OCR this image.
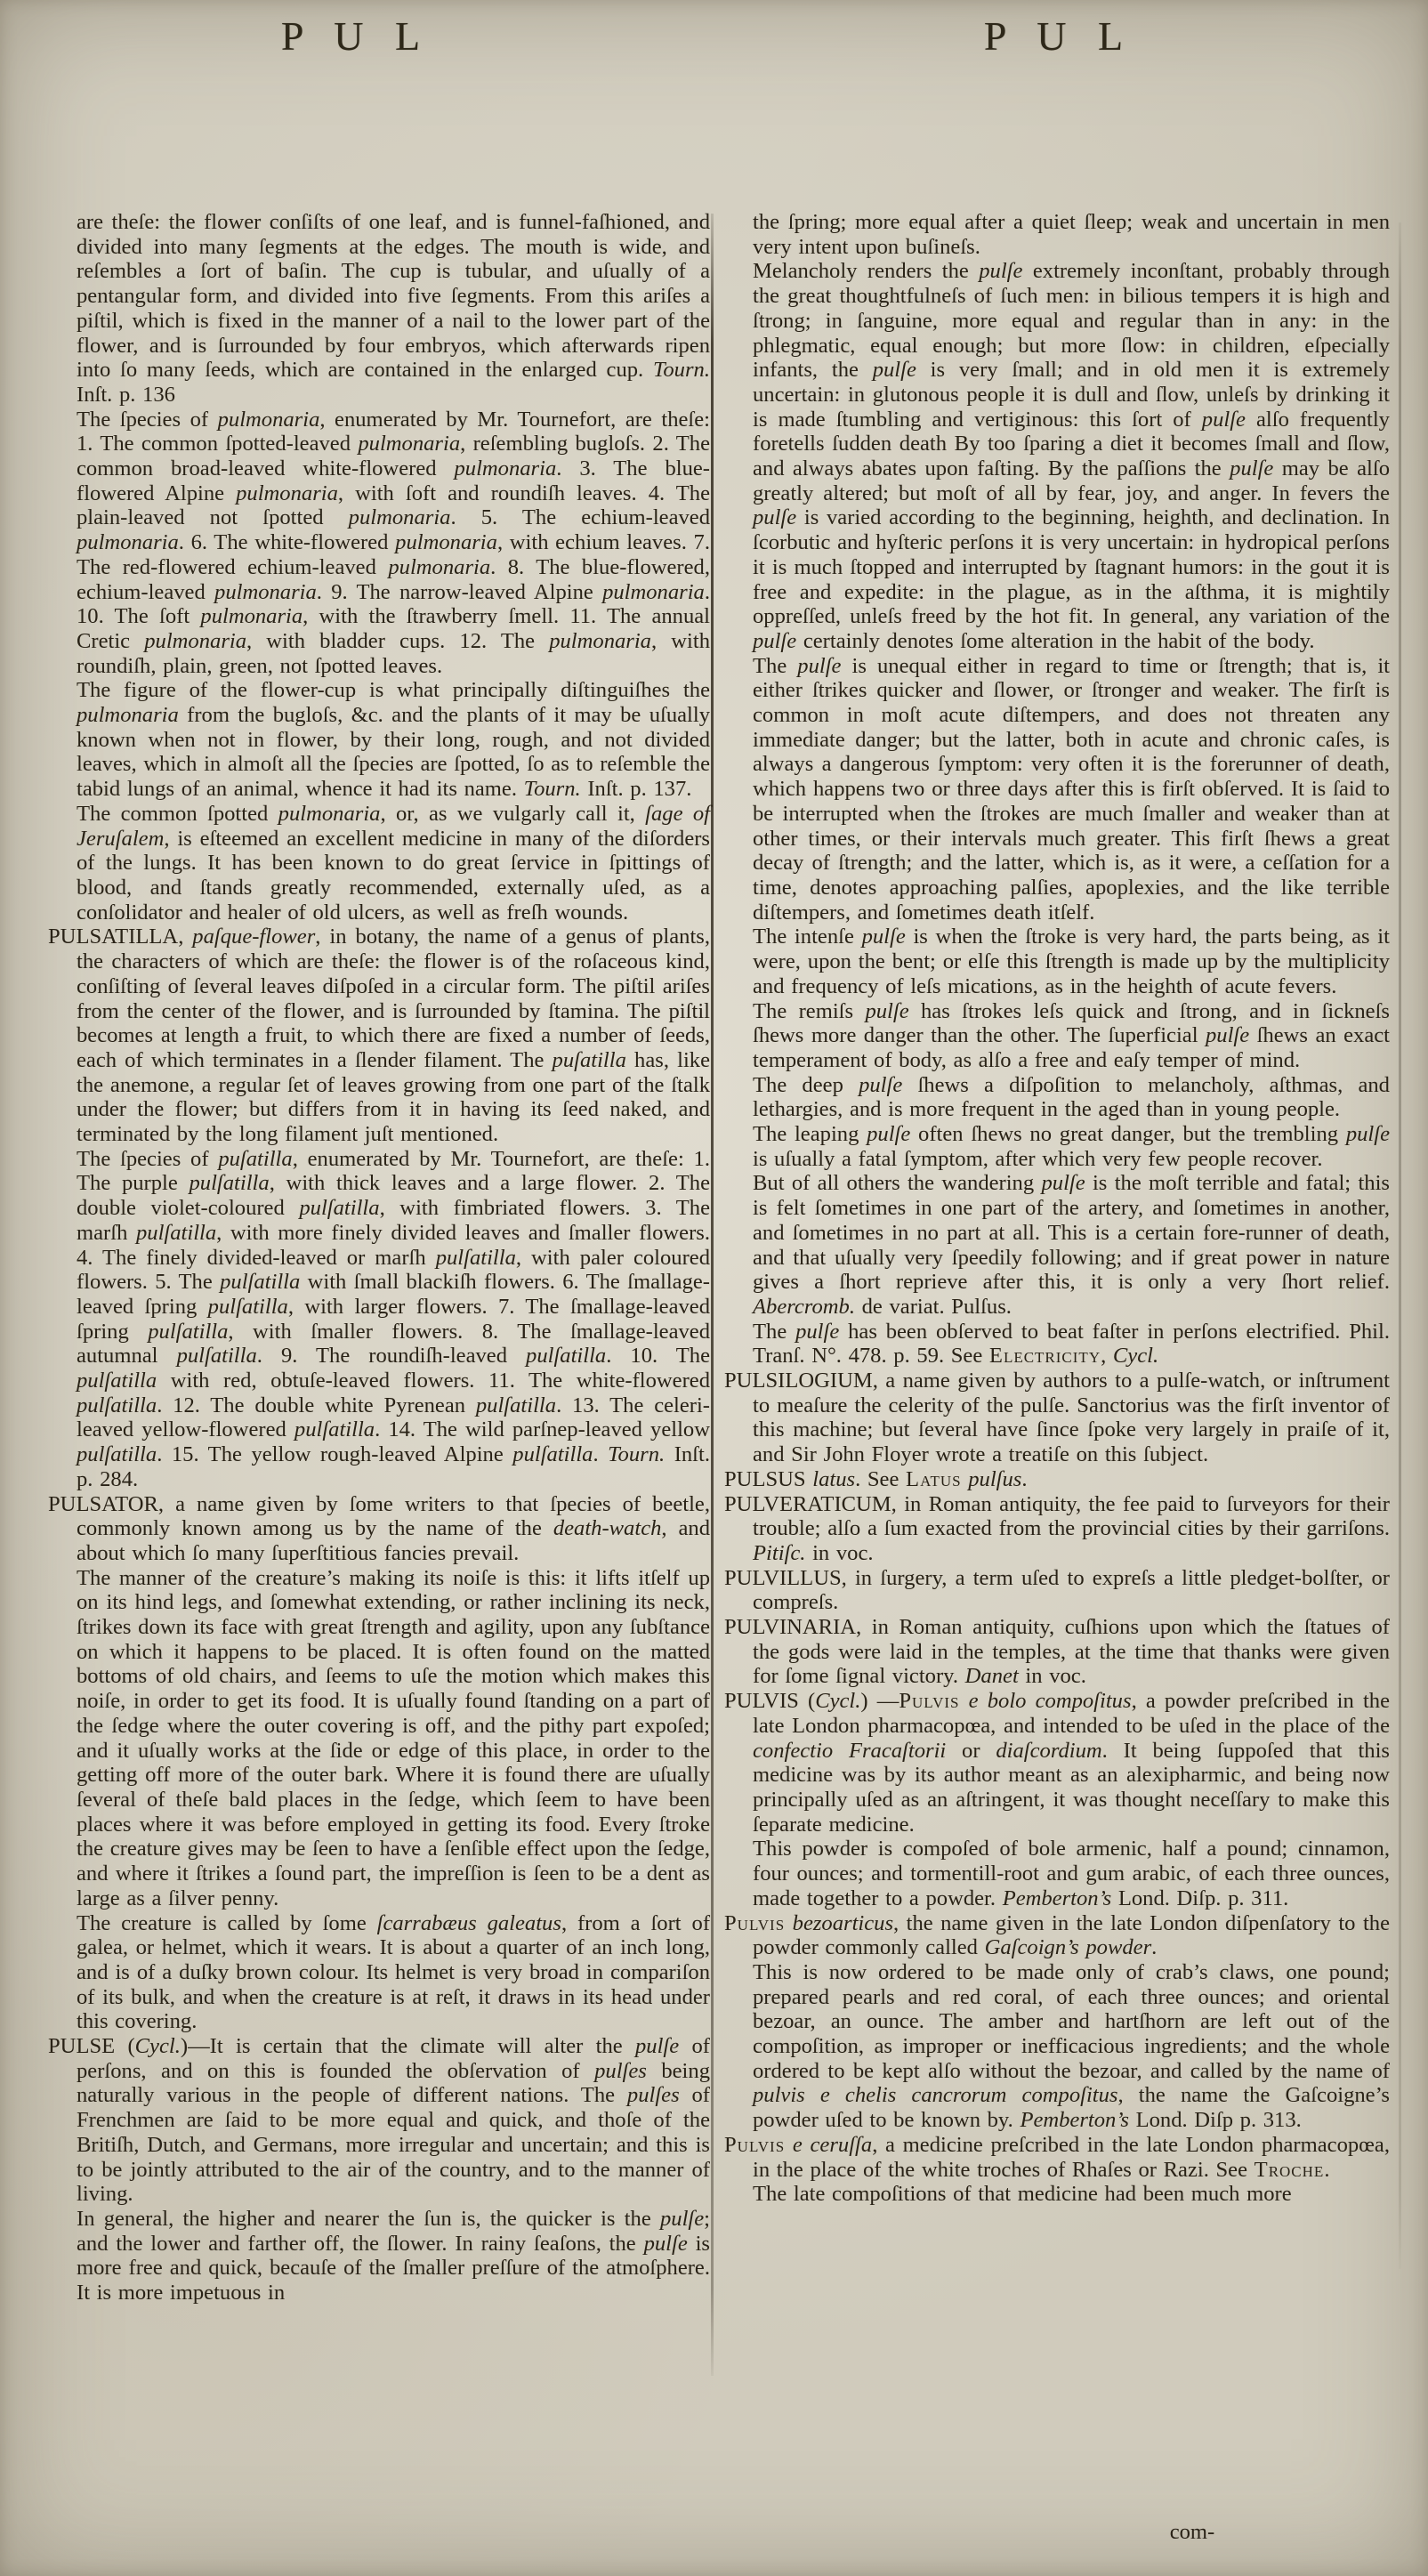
P U L	P U L

are theſe: the flower conſiſts of one leaf, and is funnel-faſhioned, and divided into many ſegments at the edges. The mouth is wide, and reſembles a ſort of baſin. The cup is tubular, and uſually of a pentangular form, and divided into five ſegments. From this ariſes a piſtil, which is fixed in the manner of a nail to the lower part of the flower, and is ſurrounded by four embryos, which afterwards ripen into ſo many ſeeds, which are contained in the enlarged cup. Tourn. Inſt. p. 136

The ſpecies of pulmonaria, enumerated by Mr. Tournefort, are theſe: 1. The common ſpotted-leaved pulmonaria, reſembling bugloſs. 2. The common broad-leaved white-flowered pulmonaria. 3. The blue-flowered Alpine pulmonaria, with ſoft and roundiſh leaves. 4. The plain-leaved not ſpotted pulmonaria. 5. The echium-leaved pulmonaria. 6. The white-flowered pulmonaria, with echium leaves. 7. The red-flowered echium-leaved pulmonaria. 8. The blue-flowered, echium-leaved pulmonaria. 9. The narrow-leaved Alpine pulmonaria. 10. The ſoft pulmonaria, with the ſtrawberry ſmell. 11. The annual Cretic pulmonaria, with bladder cups. 12. The pulmonaria, with roundiſh, plain, green, not ſpotted leaves.

The figure of the flower-cup is what principally diſtinguiſhes the pulmonaria from the bugloſs, &c. and the plants of it may be uſually known when not in flower, by their long, rough, and not divided leaves, which in almoſt all the ſpecies are ſpotted, ſo as to reſemble the tabid lungs of an animal, whence it had its name. Tourn. Inſt. p. 137.

The common ſpotted pulmonaria, or, as we vulgarly call it, ſage of Jeruſalem, is eſteemed an excellent medicine in many of the diſorders of the lungs. It has been known to do great ſervice in ſpittings of blood, and ſtands greatly recommended, externally uſed, as a conſolidator and healer of old ulcers, as well as freſh wounds.

PULSATILLA, paſque-flower, in botany, the name of a genus of plants, the characters of which are theſe: the flower is of the roſaceous kind, conſiſting of ſeveral leaves diſpoſed in a circular form. The piſtil ariſes from the center of the flower, and is ſurrounded by ſtamina. The piſtil becomes at length a fruit, to which there are fixed a number of ſeeds, each of which terminates in a ſlender filament. The puſatilla has, like the anemone, a regular ſet of leaves growing from one part of the ſtalk under the flower; but differs from it in having its ſeed naked, and terminated by the long filament juſt mentioned.

The ſpecies of puſatilla, enumerated by Mr. Tournefort, are theſe: 1. The purple pulſatilla, with thick leaves and a large flower. 2. The double violet-coloured pulſatilla, with fimbriated flowers. 3. The marſh pulſatilla, with more finely divided leaves and ſmaller flowers. 4. The finely divided-leaved or marſh pulſatilla, with paler coloured flowers. 5. The pulſatilla with ſmall blackiſh flowers. 6. The ſmallage-leaved ſpring pulſatilla, with larger flowers. 7. The ſmallage-leaved ſpring pulſatilla, with ſmaller flowers. 8. The ſmallage-leaved autumnal pulſatilla. 9. The roundiſh-leaved pulſatilla. 10. The pulſatilla with red, obtuſe-leaved flowers. 11. The white-flowered pulſatilla. 12. The double white Pyrenean pulſatilla. 13. The celeri-leaved yellow-flowered pulſatilla. 14. The wild parſnep-leaved yellow pulſatilla. 15. The yellow rough-leaved Alpine pulſatilla. Tourn. Inſt. p. 284.

PULSATOR, a name given by ſome writers to that ſpecies of beetle, commonly known among us by the name of the death-watch, and about which ſo many ſuperſtitious fancies prevail.

The manner of the creature’s making its noiſe is this: it lifts itſelf up on its hind legs, and ſomewhat extending, or rather inclining its neck, ſtrikes down its face with great ſtrength and agility, upon any ſubſtance on which it happens to be placed. It is often found on the matted bottoms of old chairs, and ſeems to uſe the motion which makes this noiſe, in order to get its food. It is uſually found ſtanding on a part of the ſedge where the outer covering is off, and the pithy part expoſed; and it uſually works at the ſide or edge of this place, in order to the getting off more of the outer bark. Where it is found there are uſually ſeveral of theſe bald places in the ſedge, which ſeem to have been places where it was before employed in getting its food. Every ſtroke the creature gives may be ſeen to have a ſenſible effect upon the ſedge, and where it ſtrikes a ſound part, the impreſſion is ſeen to be a dent as large as a ſilver penny.

The creature is called by ſome ſcarrabæus galeatus, from a ſort of galea, or helmet, which it wears. It is about a quarter of an inch long, and is of a duſky brown colour. Its helmet is very broad in compariſon of its bulk, and when the creature is at reſt, it draws in its head under this covering.

PULSE (Cycl.)—It is certain that the climate will alter the pulſe of perſons, and on this is founded the obſervation of pulſes being naturally various in the people of different nations. The pulſes of Frenchmen are ſaid to be more equal and quick, and thoſe of the Britiſh, Dutch, and Germans, more irregular and uncertain; and this is to be jointly attributed to the air of the country, and to the manner of living.

In general, the higher and nearer the ſun is, the quicker is the pulſe; and the lower and farther off, the ſlower. In rainy ſeaſons, the pulſe is more free and quick, becauſe of the ſmaller preſſure of the atmoſphere. It is more impetuous in

the ſpring; more equal after a quiet ſleep; weak and uncertain in men very intent upon buſineſs.

Melancholy renders the pulſe extremely inconſtant, probably through the great thoughtfulneſs of ſuch men: in bilious tempers it is high and ſtrong; in ſanguine, more equal and regular than in any: in the phlegmatic, equal enough; but more ſlow: in children, eſpecially infants, the pulſe is very ſmall; and in old men it is extremely uncertain: in glutonous people it is dull and ſlow, unleſs by drinking it is made ſtumbling and vertiginous: this ſort of pulſe alſo frequently foretells ſudden death By too ſparing a diet it becomes ſmall and ſlow, and always abates upon faſting. By the paſſions the pulſe may be alſo greatly altered; but moſt of all by fear, joy, and anger. In fevers the pulſe is varied according to the beginning, heighth, and declination. In ſcorbutic and hyſteric perſons it is very uncertain: in hydropical perſons it is much ſtopped and interrupted by ſtagnant humors: in the gout it is free and expedite: in the plague, as in the aſthma, it is mightily oppreſſed, unleſs freed by the hot fit. In general, any variation of the pulſe certainly denotes ſome alteration in the habit of the body.

The pulſe is unequal either in regard to time or ſtrength; that is, it either ſtrikes quicker and ſlower, or ſtronger and weaker. The firſt is common in moſt acute diſtempers, and does not threaten any immediate danger; but the latter, both in acute and chronic caſes, is always a dangerous ſymptom: very often it is the forerunner of death, which happens two or three days after this is firſt obſerved. It is ſaid to be interrupted when the ſtrokes are much ſmaller and weaker than at other times, or their intervals much greater. This firſt ſhews a great decay of ſtrength; and the latter, which is, as it were, a ceſſation for a time, denotes approaching palſies, apoplexies, and the like terrible diſtempers, and ſometimes death itſelf.

The intenſe pulſe is when the ſtroke is very hard, the parts being, as it were, upon the bent; or elſe this ſtrength is made up by the multiplicity and frequency of leſs mications, as in the heighth of acute fevers.

The remiſs pulſe has ſtrokes leſs quick and ſtrong, and in ſickneſs ſhews more danger than the other. The ſuperficial pulſe ſhews an exact temperament of body, as alſo a free and eaſy temper of mind.

The deep pulſe ſhews a diſpoſition to melancholy, aſthmas, and lethargies, and is more frequent in the aged than in young people.

The leaping pulſe often ſhews no great danger, but the trembling pulſe is uſually a fatal ſymptom, after which very few people recover.

But of all others the wandering pulſe is the moſt terrible and fatal; this is felt ſometimes in one part of the artery, and ſometimes in another, and ſometimes in no part at all. This is a certain fore-runner of death, and that uſually very ſpeedily following; and if great power in nature gives a ſhort reprieve after this, it is only a very ſhort relief. Abercromb. de variat. Pulſus.

The pulſe has been obſerved to beat faſter in perſons electrified. Phil. Tranſ. N°. 478. p. 59. See Electricity, Cycl.

PULSILOGIUM, a name given by authors to a pulſe-watch, or inſtrument to meaſure the celerity of the pulſe. Sanctorius was the firſt inventor of this machine; but ſeveral have ſince ſpoke very largely in praiſe of it, and Sir John Floyer wrote a treatiſe on this ſubject.

PULSUS latus. See Latus pulſus.

PULVERATICUM, in Roman antiquity, the fee paid to ſurveyors for their trouble; alſo a ſum exacted from the provincial cities by their garriſons. Pitiſc. in voc.

PULVILLUS, in ſurgery, a term uſed to expreſs a little pledget-bolſter, or compreſs.

PULVINARIA, in Roman antiquity, cuſhions upon which the ſtatues of the gods were laid in the temples, at the time that thanks were given for ſome ſignal victory. Danet in voc.

PULVIS (Cycl.) —Pulvis e bolo compoſitus, a powder preſcribed in the late London pharmacopœa, and intended to be uſed in the place of the confectio Fracaſtorii or diaſcordium. It being ſuppoſed that this medicine was by its author meant as an alexipharmic, and being now principally uſed as an aſtringent, it was thought neceſſary to make this ſeparate medicine.

This powder is compoſed of bole armenic, half a pound; cinnamon, four ounces; and tormentill-root and gum arabic, of each three ounces, made together to a powder. Pemberton’s Lond. Diſp. p. 311.

Pulvis bezoarticus, the name given in the late London diſpenſatory to the powder commonly called Gaſcoign’s powder.

This is now ordered to be made only of crab’s claws, one pound; prepared pearls and red coral, of each three ounces; and oriental bezoar, an ounce. The amber and hartſhorn are left out of the compoſition, as improper or inefficacious ingredients; and the whole ordered to be kept alſo without the bezoar, and called by the name of pulvis e chelis cancrorum compoſitus, the name the Gaſcoigne’s powder uſed to be known by. Pemberton’s Lond. Diſp p. 313.

Pulvis e ceruſſa, a medicine preſcribed in the late London pharmacopœa, in the place of the white troches of Rhaſes or Razi. See Troche.

The late compoſitions of that medicine had been much more

com-
